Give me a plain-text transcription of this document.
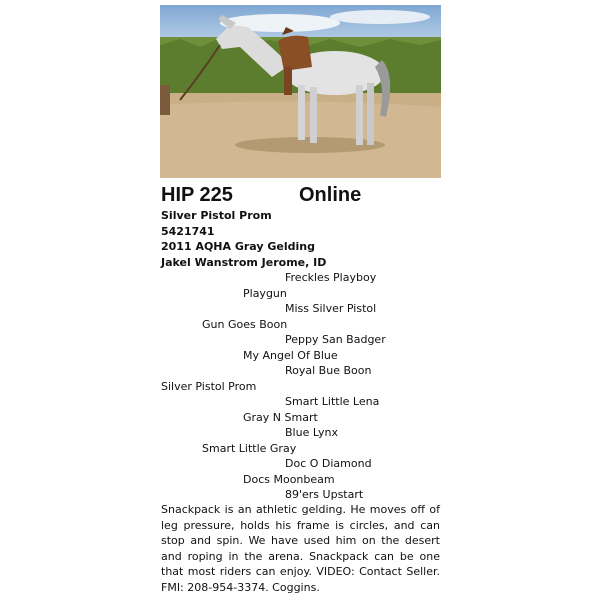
HIP 225	Online
Silver Pistol Prom
5421741
2011 AQHA Gray Gelding
Jakel Wanstrom Jerome, ID
Freckles Playboy
Playgun
Miss Silver Pistol
Gun Goes Boon
Peppy San Badger
My Angel Of Blue
Royal Bue Boon
Silver Pistol Prom
Smart Little Lena
Gray N Smart
Blue Lynx
Smart Little Gray
Doc O Diamond
Docs Moonbeam
89'ers Upstart
Snackpack is an athletic gelding. He moves off of leg pressure, holds his frame is circles, and can stop and spin. We have used him on the desert and roping in the arena. Snackpack can be one that most riders can enjoy. VIDEO: Contact Seller. FMI: 208-954-3374. Coggins.
